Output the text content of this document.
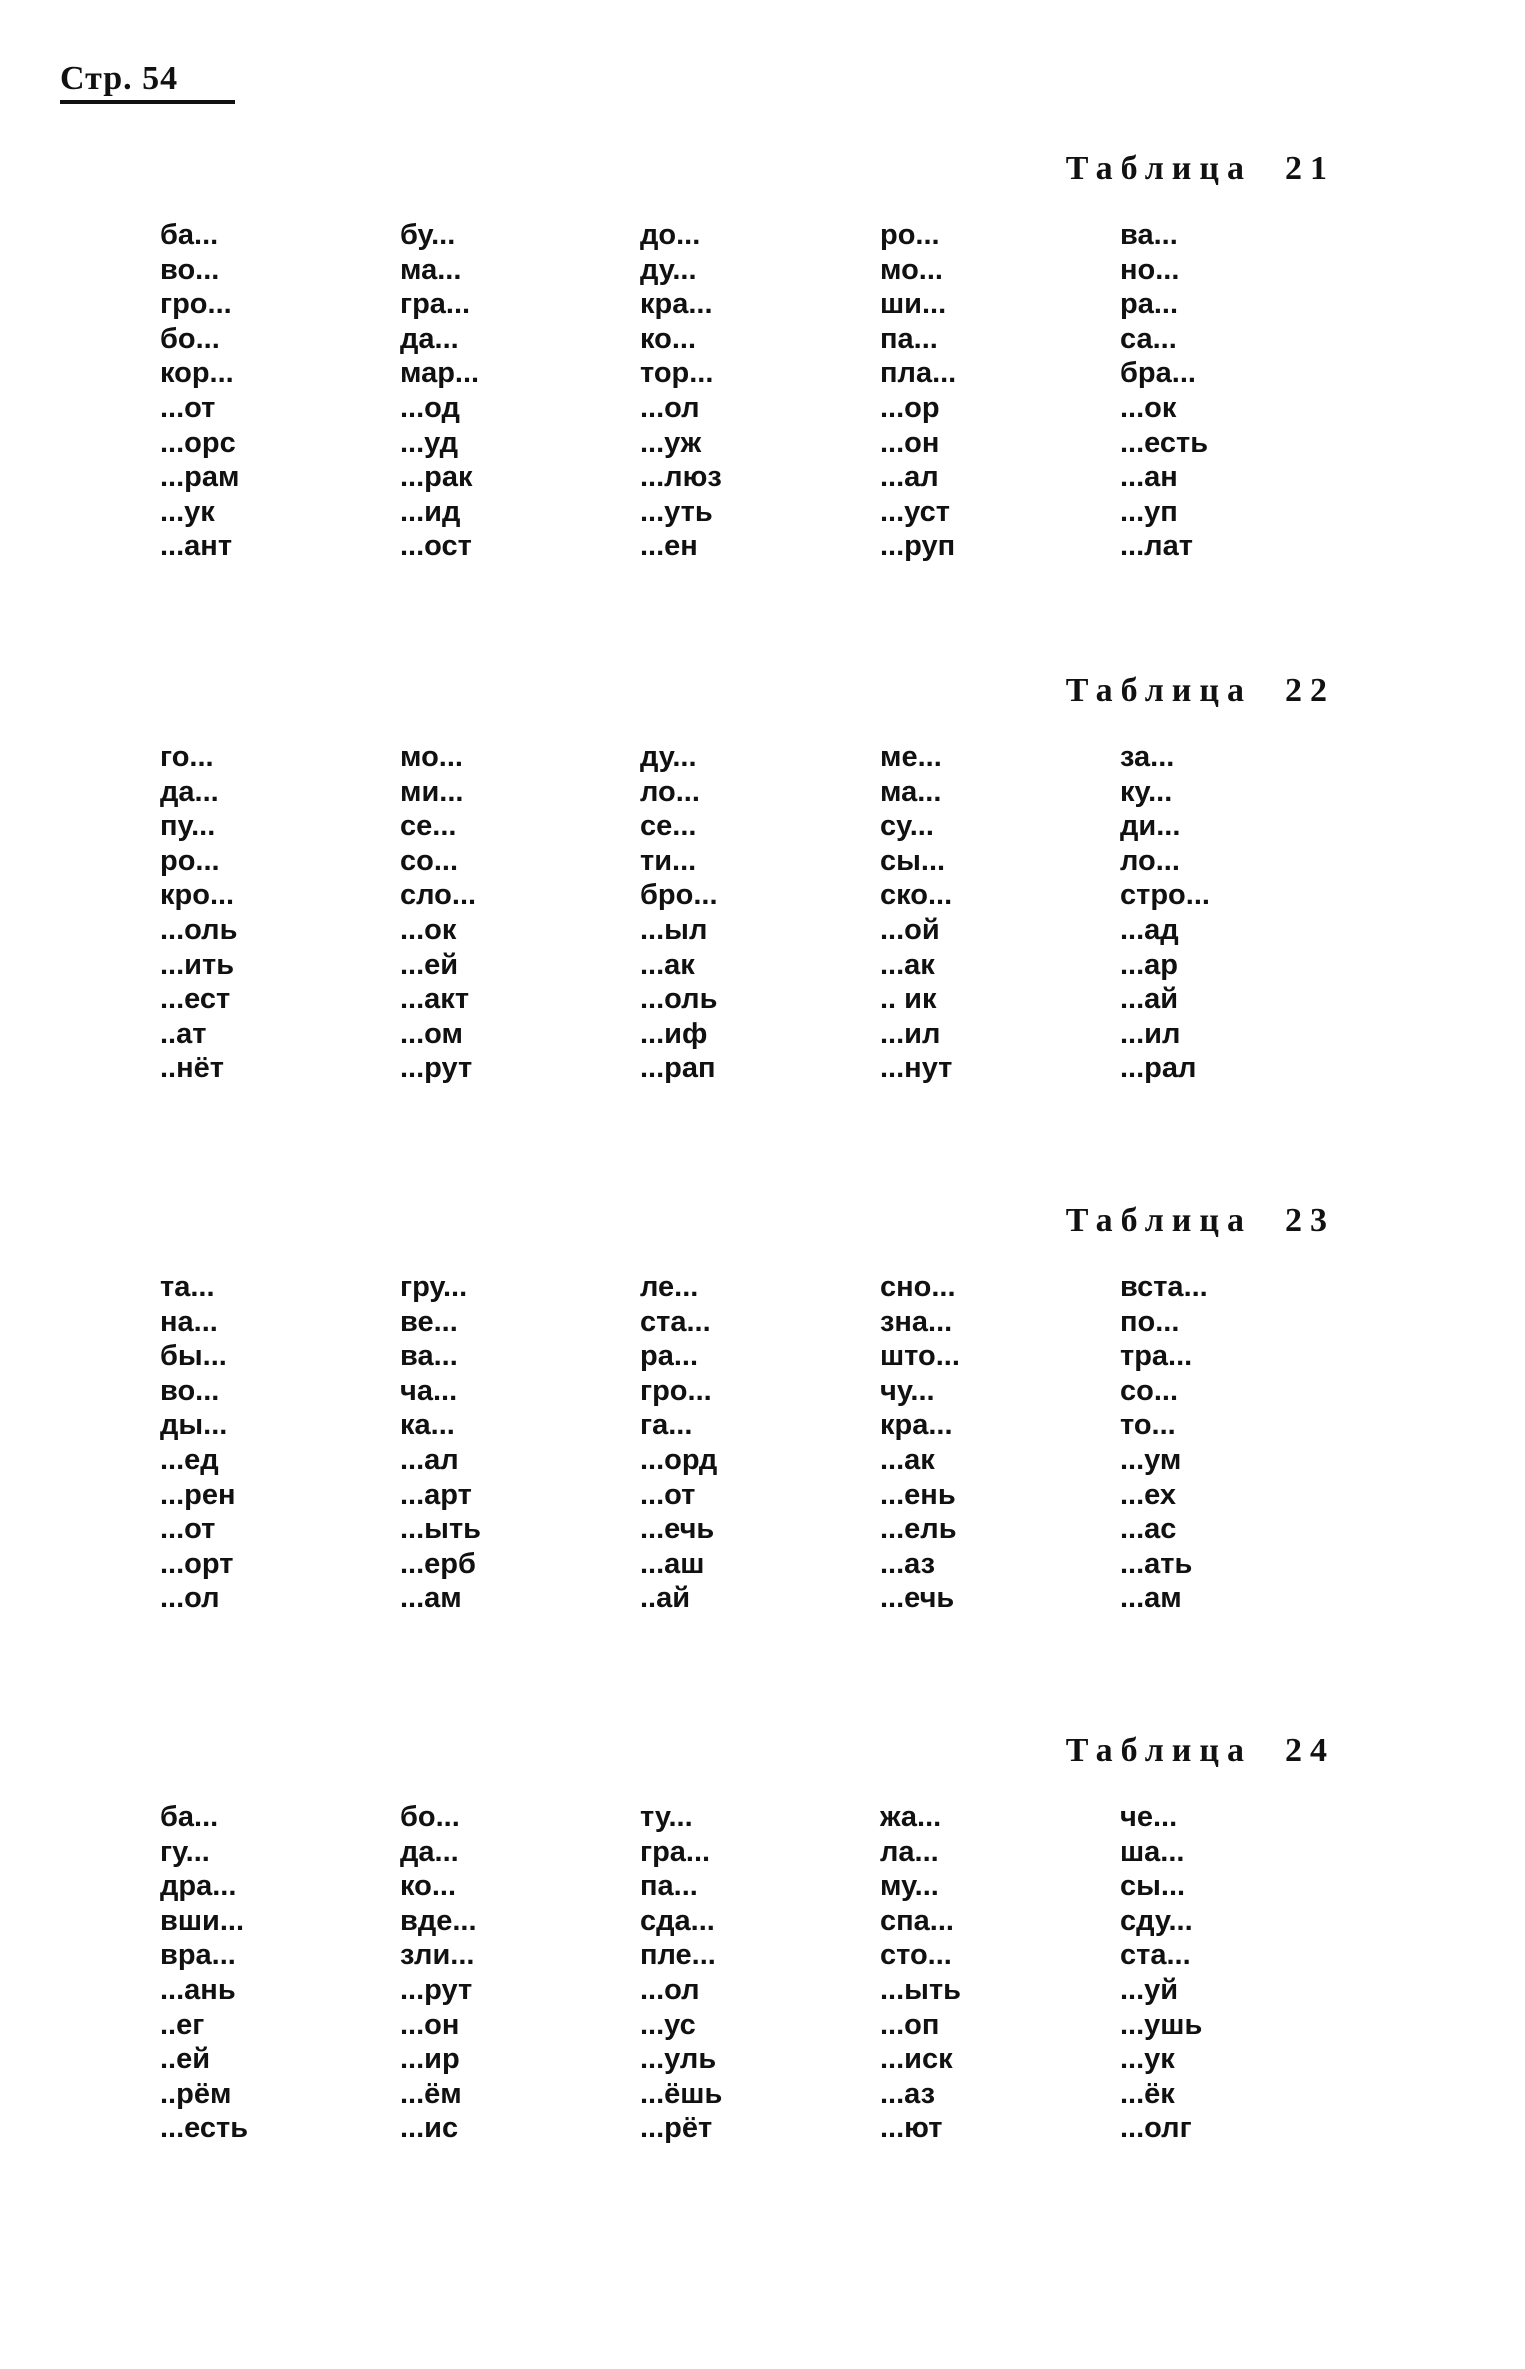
Стр. 54
Таблица 21
ба...
во...
гро...
бо...
кор...
...от
...орс
...рам
...ук
...ант
бу...
ма...
гра...
да...
мар...
...од
...уд
...рак
...ид
...ост
до...
ду...
кра...
ко...
тор...
...ол
...уж
...люз
...уть
...ен
ро...
мо...
ши...
па...
пла...
...ор
...он
...ал
...уст
...руп
ва...
но...
ра...
са...
бра...
...ок
...есть
...ан
...уп
...лат
Таблица 22
го...
да...
пу...
ро...
кро...
...оль
...ить
...ест
..ат
..нёт
мо...
ми...
се...
со...
сло...
...ок
...ей
...акт
...ом
...рут
ду...
ло...
се...
ти...
бро...
...ыл
...ак
...оль
...иф
...рап
ме...
ма...
су...
сы...
ско...
...ой
...ак
.. ик
...ил
...нут
за...
ку...
ди...
ло...
стро...
...ад
...ар
...ай
...ил
...рал
Таблица 23
та...
на...
бы...
во...
ды...
...ед
...рен
...от
...орт
...ол
гру...
ве...
ва...
ча...
ка...
...ал
...арт
...ыть
...ерб
...ам
ле...
ста...
ра...
гро...
га...
...орд
...от
...ечь
...аш
..ай
сно...
зна...
што...
чу...
кра...
...ак
...ень
...ель
...аз
...ечь
вста...
по...
тра...
со...
то...
...ум
...ех
...ас
...ать
...ам
Таблица 24
ба...
гу...
дра...
вши...
вра...
...ань
..ег
..ей
..рём
...есть
бо...
да...
ко...
вде...
зли...
...рут
...он
...ир
...ём
...ис
ту...
гра...
па...
сда...
пле...
...ол
...ус
...уль
...ёшь
...рёт
жа...
ла...
му...
спа...
сто...
...ыть
...оп
...иск
...аз
...ют
че...
ша...
сы...
сду...
ста...
...уй
...ушь
...ук
...ёк
...олг
